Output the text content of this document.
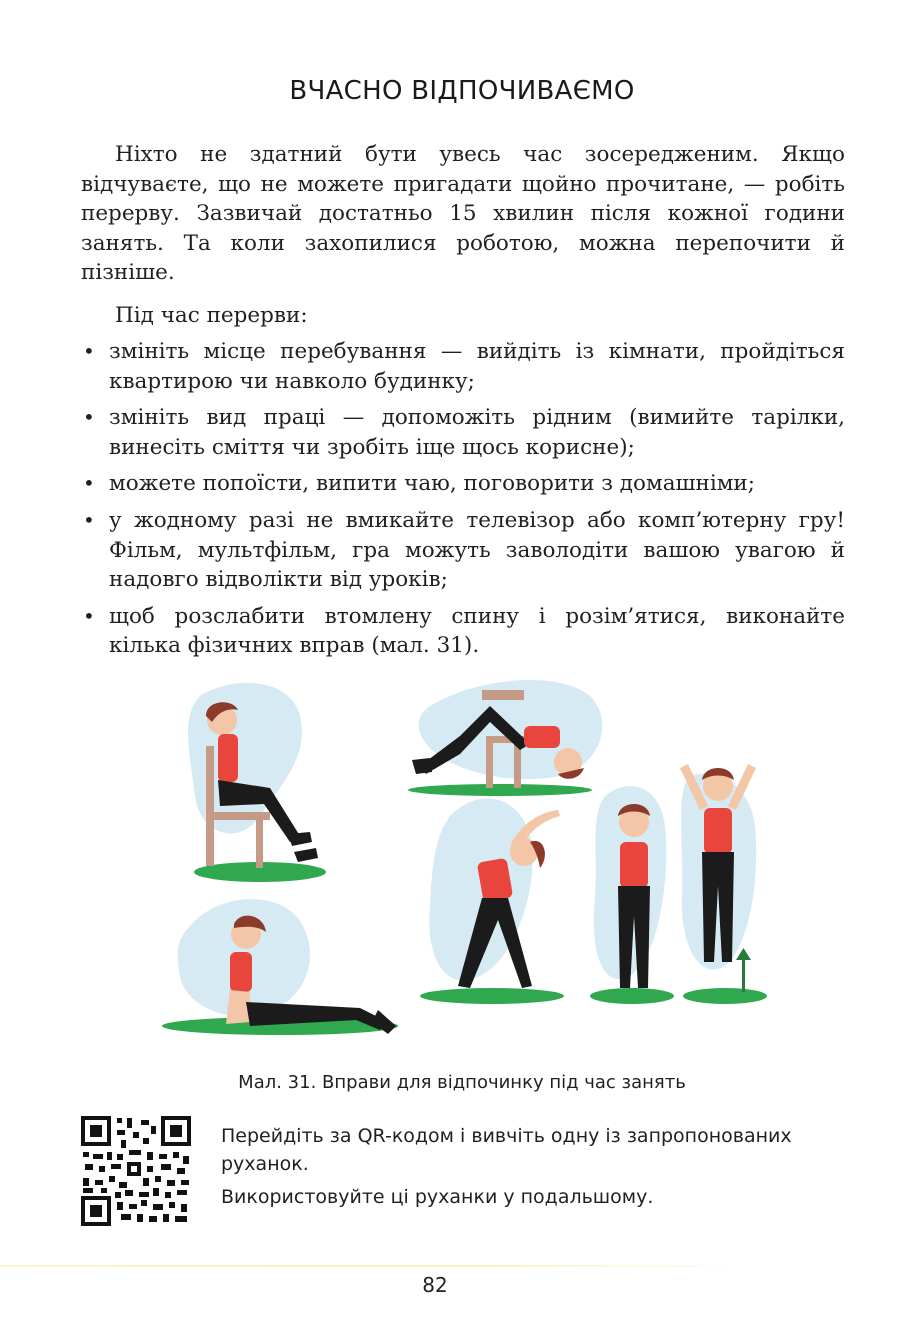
ВЧАСНО ВІДПОЧИВАЄМО

Ніхто не здатний бути увесь час зосередженим. Якщо відчуваєте, що не можете пригадати щойно прочитане, — робіть перерву. Зазвичай достатньо 15 хвилин після кожної години занять. Та коли захопилися роботою, можна перепочити й пізніше.

Під час перерви:

• змініть місце перебування — вийдіть із кімнати, пройдіться квартирою чи навколо будинку;
• змініть вид праці — допоможіть рідним (вимийте тарілки, винесіть сміття чи зробіть іще щось корисне);
• можете попоїсти, випити чаю, поговорити з домашніми;
• у жодному разі не вмикайте телевізор або комп’ютерну гру! Фільм, мультфільм, гра можуть заволодіти вашою увагою й надовго відволікти від уроків;
• щоб розслабити втомлену спину і розім’ятися, виконайте кілька фізичних вправ (мал. 31).
Мал. 31. Вправи для відпочинку під час занять

Перейдіть за QR-кодом і вивчіть одну із запропонованих руханок.

Використовуйте ці руханки у подальшому.

82
